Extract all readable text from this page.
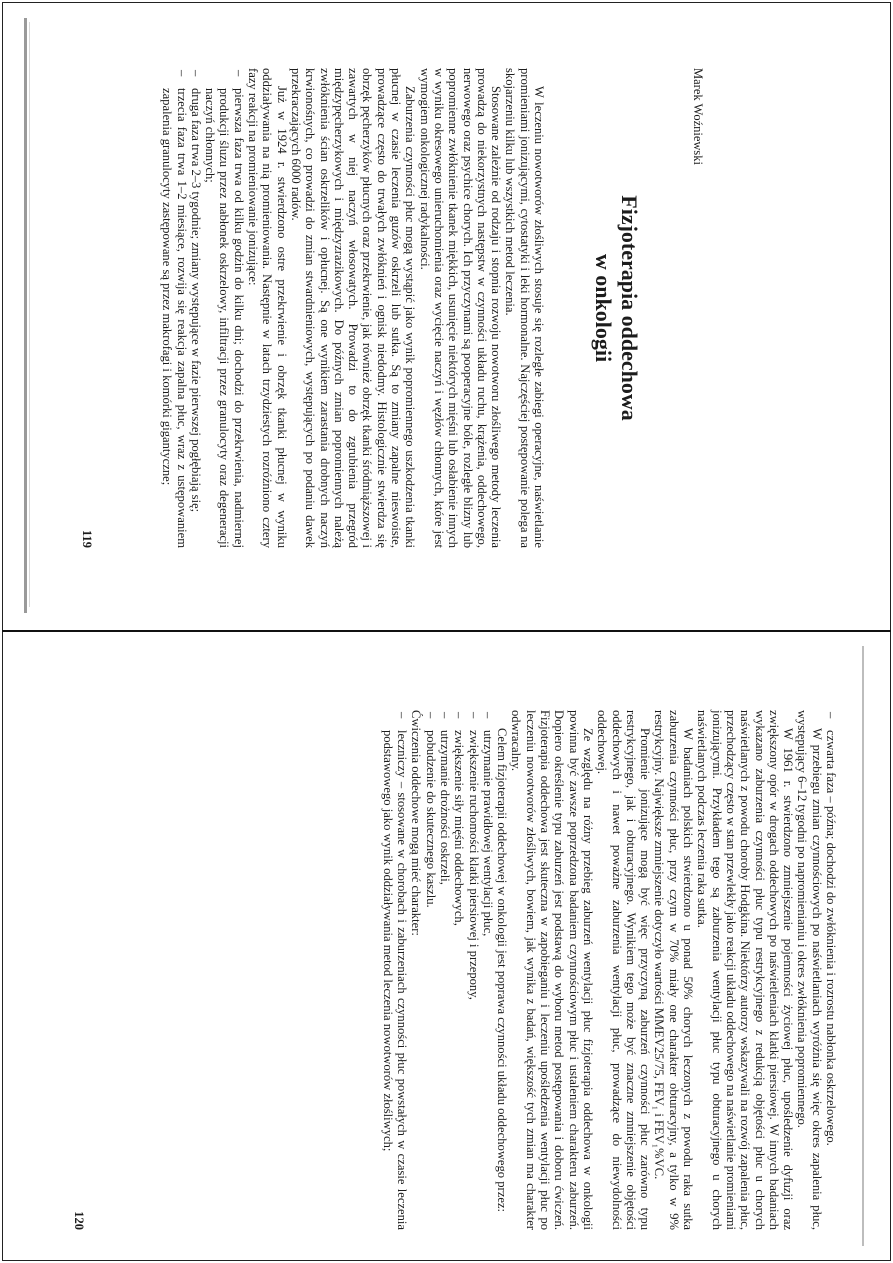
Marek Woźniewski
Fizjoterapia oddechowa
w onkologii

W leczeniu nowotworów złośliwych stosuje się rozległe zabiegi operacyjne, naświetlanie promieniami jonizującymi, cytostatyki i leki hormonalne. Najczęściej postępowanie polega na skojarzeniu kilku lub wszystkich metod leczenia.

Stosowane zależnie od rodzaju i stopnia rozwoju nowotworu złośliwego metody leczenia prowadzą do niekorzystnych następstw w czynności układu ruchu, krążenia, oddechowego, nerwowego oraz psychice chorych. Ich przyczynami są pooperacyjne bóle, rozległe blizny lub popromienne zwłóknienie tkanek miękkich, usunięcie niektórych mięśni lub osłabienie innych w wyniku okresowego unieruchomienia oraz wycięcie naczyń i węzłów chłonnych, które jest wymogiem onkologicznej radykalności.

Zaburzenia czynności płuc mogą wystąpić jako wynik popromiennego uszkodzenia tkanki płucnej w czasie leczenia guzów oskrzeli lub sutka. Są to zmiany zapalne nieswoiste, prowadzące często do trwałych zwłóknień i ognisk niedodmy. Histologicznie stwierdza się obrzęk pęcherzyków płucnych oraz przekrwienie, jak również obrzęk tkanki śródmiąższowej i zawartych w niej naczyń włosowatych. Prowadzi to do zgrubienia przegród międzypęcherzykowych i międzyzrazikowych. Do późnych zmian popromiennych należą zwłóknienia ścian oskrzelików i opłucnej. Są one wynikiem zarastania drobnych naczyń krwionośnych, co prowadzi do zmian stwardnieniowych, występujących po podaniu dawek przekraczających 6000 radów.

Już w 1924 r. stwierdzono ostre przekrwienie i obrzęk tkanki płucnej w wyniku oddziaływania na nią promieniowania. Następnie w latach trzydziestych rozróżniono cztery fazy reakcji na promieniowanie jonizujące:

– pierwsza faza trwa od kilku godzin do kilku dni; dochodzi do przekrwienia, nadmiernej produkcji śluzu przez nabłonek oskrzelowy, infiltracji przez granulocyty oraz degeneracji naczyń chłonnych;
– druga faza trwa 2–3 tygodnie; zmiany występujące w fazie pierwszej pogłębiają się;
– trzecia faza trwa 1–2 miesiące, rozwija się reakcja zapalna płuc, wraz z ustępowaniem zapalenia granulocyty zastępowane są przez makrofagi i komórki gigantyczne;
119
– czwarta faza – późna; dochodzi do zwłóknienia i rozrostu nabłonka oskrzelowego.

W przebiegu zmian czynnościowych po naświetlaniach wyróżnia się więc okres zapalenia płuc, występujący 6–12 tygodni po napromienianiu i okres zwłóknienia popromiennego.

W 1961 r. stwierdzono zmniejszenie pojemności życiowej płuc, upośledzenie dyfuzji oraz zwiększony opór w drogach oddechowych po naświetleniach klatki piersiowej. W innych badaniach wykazano zaburzenia czynności płuc typu restrykcyjnego z redukcją objętości płuc u chorych naświetlanych z powodu choroby Hodgkina. Niektórzy autorzy wskazywali na rozwój zapalenia płuc, przechodzący często w stan przewlekły jako reakcji układu oddechowego na naświetlanie promieniami jonizującymi. Przykładem tego są zaburzenia wentylacji płuc typu obturacyjnego u chorych naświetlanych podczas leczenia raka sutka.

W badaniach polskich stwierdzono u ponad 50% chorych leczonych z powodu raka sutka zaburzenia czynności płuc, przy czym w 70% miały one charakter obturacyjny, a tylko w 9% restrykcyjny. Największe zmniejszenie dotyczyło wartości MMEV25/75, FEV₁ i FEV₁%VC.

Promienie jonizujące mogą być więc przyczyną zaburzeń czynności płuc zarówno typu restrykcyjnego, jak i obturacyjnego. Wynikiem tego może być znaczne zmniejszenie objętości oddechowych i nawet poważne zaburzenia wentylacji płuc, prowadzące do niewydolności oddechowej.

Ze względu na różny przebieg zaburzeń wentylacji płuc fizjoterapia oddechowa w onkologii powinna być zawsze poprzedzona badaniem czynnościowym płuc i ustaleniem charakteru zaburzeń. Dopiero określenie typu zaburzeń jest podstawą do wyboru metod postępowania i doboru ćwiczeń. Fizjoterapia oddechowa jest skuteczna w zapobieganiu i leczeniu upośledzenia wentylacji płuc po leczeniu nowotworów złośliwych, bowiem, jak wynika z badań, większość tych zmian ma charakter odwracalny.

Celem fizjoterapii oddechowej w onkologii jest poprawa czynności układu oddechowego przez:

– utrzymanie prawidłowej wentylacji płuc,
– zwiększenie ruchomości klatki piersiowej i przepony,
– zwiększenie siły mięśni oddechowych,
– utrzymanie drożności oskrzeli,
– pobudzenie do skutecznego kaszlu.

Ćwiczenia oddechowe mogą mieć charakter:

– leczniczy – stosowane w chorobach i zaburzeniach czynności płuc powstałych w czasie leczenia podstawowego jako wynik oddziaływania metod leczenia nowotworów złośliwych;
120
